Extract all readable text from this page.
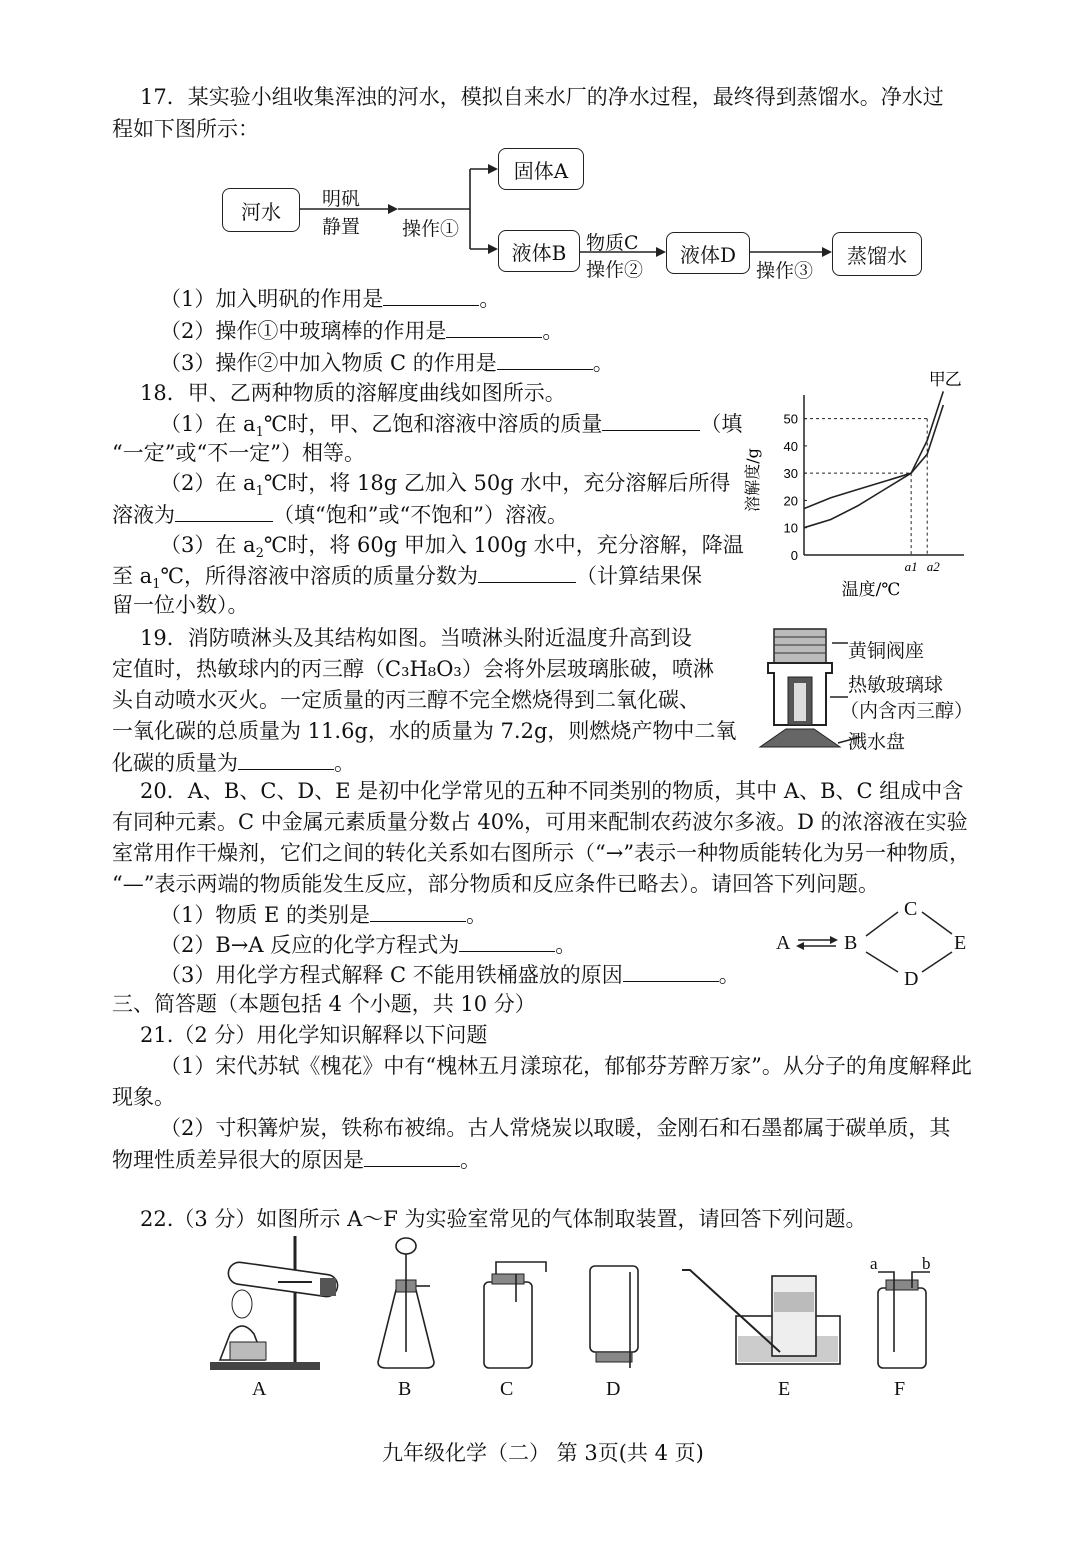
17．某实验小组收集浑浊的河水，模拟自来水厂的净水过程，最终得到蒸馏水。净水过
程如下图所示：
河水
明矾
静置 操作①
固体A
液体B	物质C
操作②
液体D
操作③
蒸馏水
（1）加入明矾的作用是	。
（2）操作①中玻璃棒的作用是	。
（3）操作②中加入物质 C 的作用是	。
18．甲、乙两种物质的溶解度曲线如图所示。
（1）在 $a_1℃$时，甲、乙饱和溶液中溶质的质量	（填
“一定”或“不一定”）相等。
（2）在 $a_1℃$时，将 18g 乙加入 50g 水中，充分溶解后所得
溶液为	（填“饱和”或“不饱和”）溶液。
（3）在 $a_2℃$时，将 60g 甲加入 100g 水中，充分溶解，降温
至 $a_1℃$，所得溶液中溶质的质量分数为	（计算结果保
留一位小数）。
0
10
20
30
40
50
a1 a2
甲 乙
溶解度/g
温度/℃
19．消防喷淋头及其结构如图。当喷淋头附近温度升高到设
定值时，热敏球内的丙三醇（C₃H₈O₃）会将外层玻璃胀破，喷淋
头自动喷水灭火。一定质量的丙三醇不完全燃烧得到二氧化碳、
一氧化碳的总质量为 11.6g，水的质量为 7.2g，则燃烧产物中二氧
化碳的质量为	。
黄铜阀座
热敏玻璃球
（内含丙三醇）
溅水盘
20．A、B、C、D、E 是初中化学常见的五种不同类别的物质，其中 A、B、C 组成中含
有同种元素。C 中金属元素质量分数占 40%，可用来配制农药波尔多液。D 的浓溶液在实验
室常用作干燥剂，它们之间的转化关系如右图所示（“→”表示一种物质能转化为另一种物质，
“—”表示两端的物质能发生反应，部分物质和反应条件已略去）。请回答下列问题。
（1）物质 E 的类别是	。
（2）B→A 反应的化学方程式为	。
（3）用化学方程式解释 C 不能用铁桶盛放的原因	。
A	B
C
D
E
三、简答题（本题包括 4 个小题，共 10 分）
21.（2 分）用化学知识解释以下问题
（1）宋代苏轼《槐花》中有“槐林五月漾琼花，郁郁芬芳醉万家”。从分子的角度解释此
现象。
（2）寸积篝炉炭，铁称布被绵。古人常烧炭以取暖，金刚石和石墨都属于碳单质，其
物理性质差异很大的原因是	。
22.（3 分）如图所示 A～F 为实验室常见的气体制取装置，请回答下列问题。
a	b
A	B	C	D	E	F
九年级化学（二） 第 3页(共 4 页)
